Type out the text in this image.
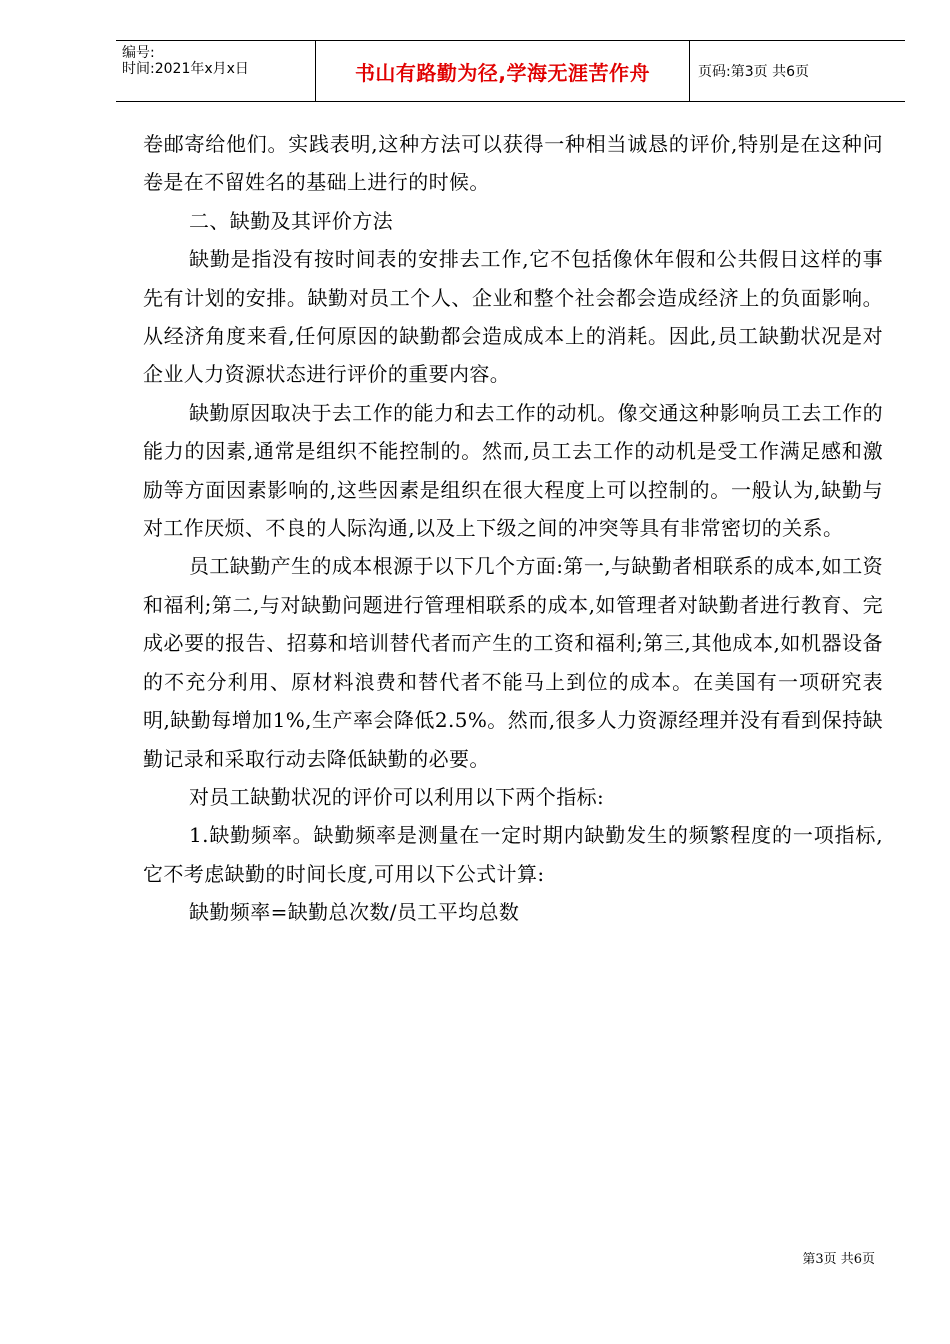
编号:
时间:2021年x月x日	书山有路勤为径,学海无涯苦作舟	页码:第3页 共6页

卷邮寄给他们。实践表明,这种方法可以获得一种相当诚恳的评价,特别是在这种问卷是在不留姓名的基础上进行的时候。

二、缺勤及其评价方法

缺勤是指没有按时间表的安排去工作,它不包括像休年假和公共假日这样的事先有计划的安排。缺勤对员工个人、企业和整个社会都会造成经济上的负面影响。从经济角度来看,任何原因的缺勤都会造成成本上的消耗。因此,员工缺勤状况是对企业人力资源状态进行评价的重要内容。

缺勤原因取决于去工作的能力和去工作的动机。像交通这种影响员工去工作的能力的因素,通常是组织不能控制的。然而,员工去工作的动机是受工作满足感和激励等方面因素影响的,这些因素是组织在很大程度上可以控制的。一般认为,缺勤与对工作厌烦、不良的人际沟通,以及上下级之间的冲突等具有非常密切的关系。

员工缺勤产生的成本根源于以下几个方面:第一,与缺勤者相联系的成本,如工资和福利;第二,与对缺勤问题进行管理相联系的成本,如管理者对缺勤者进行教育、完成必要的报告、招募和培训替代者而产生的工资和福利;第三,其他成本,如机器设备的不充分利用、原材料浪费和替代者不能马上到位的成本。在美国有一项研究表明,缺勤每增加1%,生产率会降低2.5%。然而,很多人力资源经理并没有看到保持缺勤记录和采取行动去降低缺勤的必要。

对员工缺勤状况的评价可以利用以下两个指标:

1.缺勤频率。缺勤频率是测量在一定时期内缺勤发生的频繁程度的一项指标,它不考虑缺勤的时间长度,可用以下公式计算:

缺勤频率=缺勤总次数/员工平均总数

第3页 共6页
